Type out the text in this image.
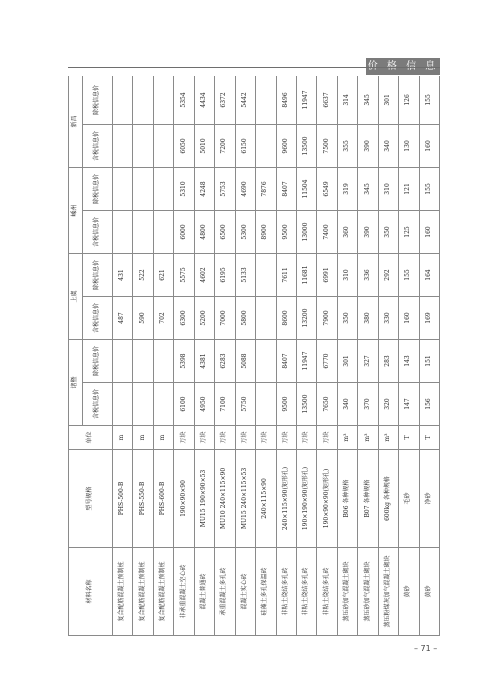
材料名称	型号规格	单位	诸暨		上虞		嵊州		新昌	
			含税信息价	除税信息价	含税信息价	除税信息价	含税信息价	除税信息价	含税信息价	除税信息价
复合配筋混凝土预制桩	PHS-500-B	m			487	431				
复合配筋混凝土预制桩	PHS-550-B	m			590	522				
复合配筋混凝土预制桩	PHS-600-B	m			702	621				
非承重混凝土空心砖	190×90×90	万块	6100	5398	6300	5575	6000	5310	6050	5354
混凝土普通砖	MU15 190×90×53	万块	4950	4381	5200	4602	4800	4248	5010	4434
承重混凝土多孔砖	MU10 240×115×90	万块	7100	6283	7000	6195	6500	5753	7200	6372
混凝土实心砖	MU15 240×115×53	万块	5750	5088	5800	5133	5300	4690	6150	5442
硅藻土多孔保温砖	240×115×90	万块					8900	7876		
非粘土烧结多孔砖	240×115×90(矩形孔)	万块	9500	8407	8600	7611	9500	8407	9600	8496
非粘土烧结多孔砖	190×190×90(矩形孔)	万块	13500	11947	13200	11681	13000	11504	13500	11947
非粘土烧结多孔砖	190×90×90(矩形孔)	万块	7650	6770	7900	6991	7400	6549	7500	6637
蒸压砂加气混凝土砌块	B06 各种规格	m³	340	301	350	310	360	319	355	314
蒸压砂加气混凝土砌块	B07 各种规格	m³	370	327	380	336	390	345	390	345
蒸压粉煤灰加气混凝土砌块	600kg 各种规格	m³	320	283	330	292	350	310	340	301
黄砂	毛砂	T	147	143	160	155	125	121	130	126
黄砂	净砂	T	156	151	169	164	160	155	160	155
– 71 –
